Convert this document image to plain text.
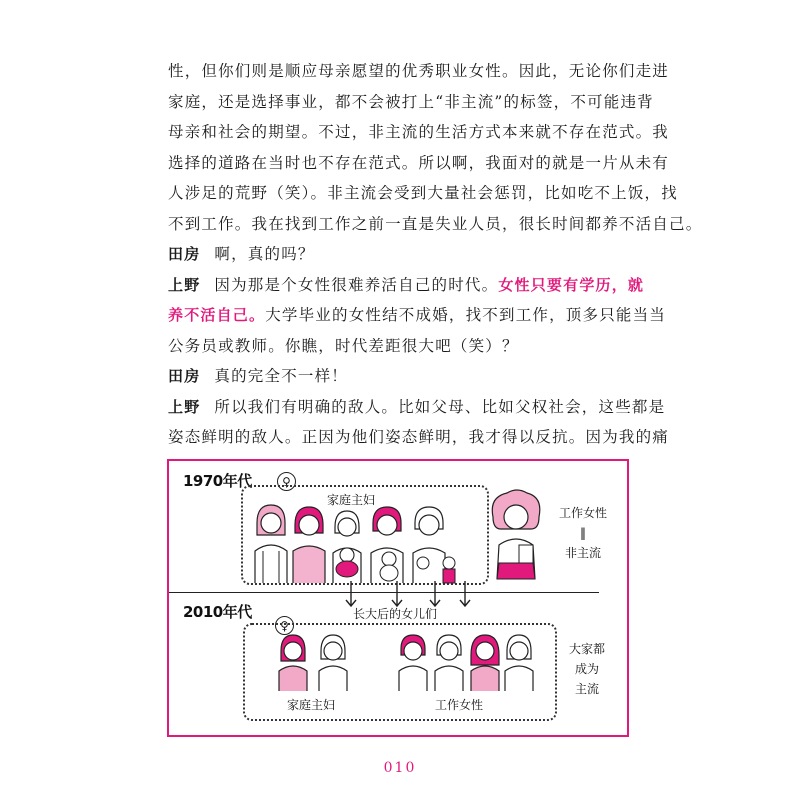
性，但你们则是顺应母亲愿望的优秀职业女性。因此，无论你们走进
家庭，还是选择事业，都不会被打上“非主流”的标签，不可能违背
母亲和社会的期望。不过，非主流的生活方式本来就不存在范式。我
选择的道路在当时也不存在范式。所以啊，我面对的就是一片从未有
人涉足的荒野（笑）。非主流会受到大量社会惩罚，比如吃不上饭，找
不到工作。我在找到工作之前一直是失业人员，很长时间都养不活自己。
田房 啊，真的吗？
上野 因为那是个女性很难养活自己的时代。女性只要有学历，就
养不活自己。大学毕业的女性结不成婚，找不到工作，顶多只能当当
公务员或教师。你瞧，时代差距很大吧（笑）？
田房 真的完全不一样！
上野 所以我们有明确的敌人。比如父母、比如父权社会，这些都是
姿态鲜明的敌人。正因为他们姿态鲜明，我才得以反抗。因为我的痛
1970年代	♀
家庭主妇
工作女性
‖
非主流
2010年代
♀
长大后的女儿们
家庭主妇	工作女性
大家都
成为
主流
010
